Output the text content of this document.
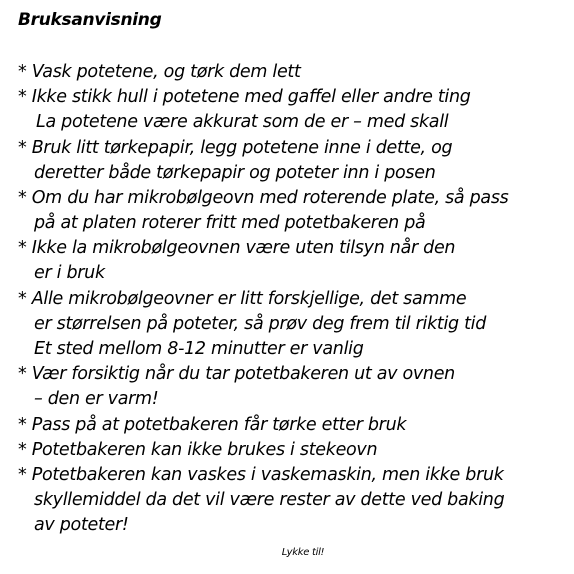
Bruksanvisning
* Vask potetene, og tørk dem lett
* Ikke stikk hull i potetene med gaffel eller andre ting
La potetene være akkurat som de er – med skall
* Bruk litt tørkepapir, legg potetene inne i dette, og
deretter både tørkepapir og poteter inn i posen
* Om du har mikrobølgeovn med roterende plate, så pass
på at platen roterer fritt med potetbakeren på
* Ikke la mikrobølgeovnen være uten tilsyn når den
er i bruk
* Alle mikrobølgeovner er litt forskjellige, det samme
er størrelsen på poteter, så prøv deg frem til riktig tid
Et sted mellom 8-12 minutter er vanlig
* Vær forsiktig når du tar potetbakeren ut av ovnen
– den er varm!
* Pass på at potetbakeren får tørke etter bruk
* Potetbakeren kan ikke brukes i stekeovn
* Potetbakeren kan vaskes i vaskemaskin, men ikke bruk
skyllemiddel da det vil være rester av dette ved baking
av poteter!
Lykke til!
